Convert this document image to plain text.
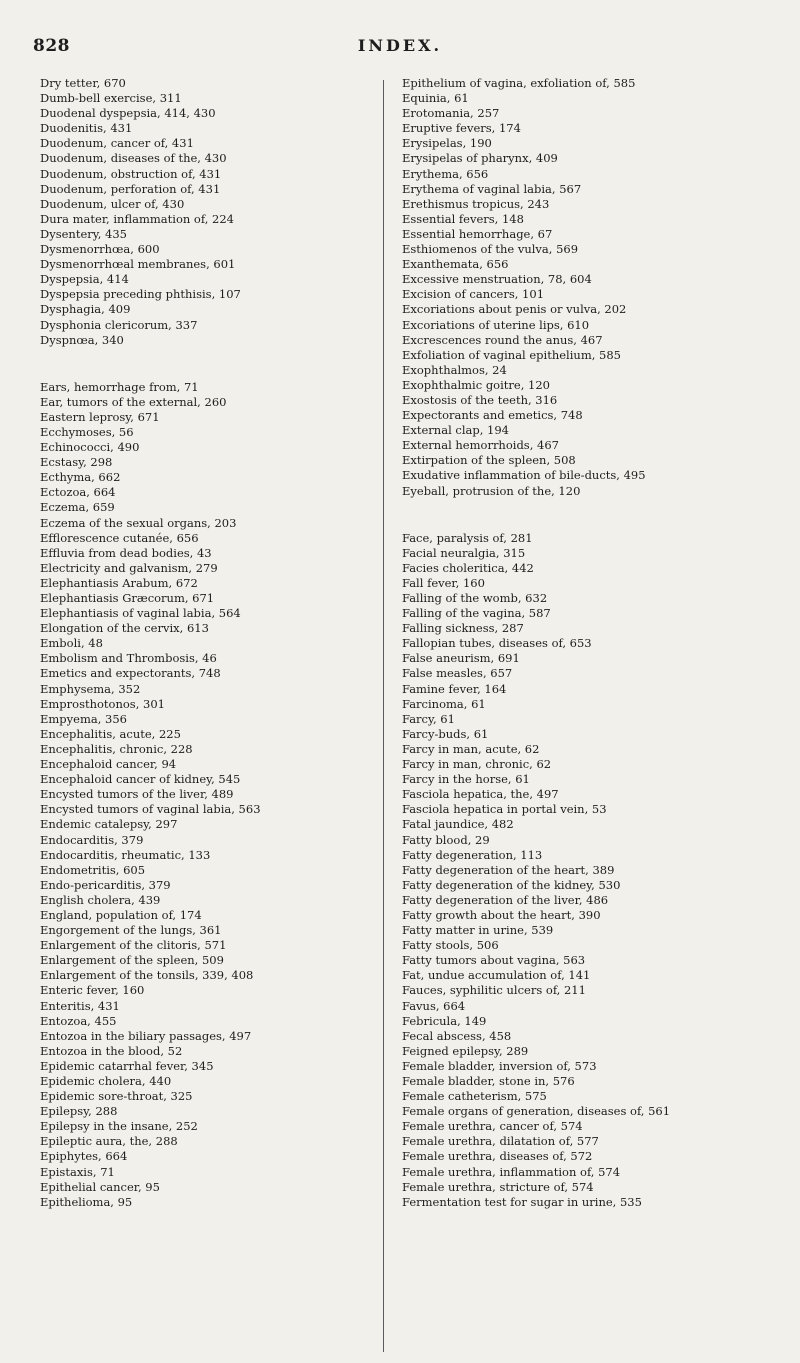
828	INDEX.
Dry tetter, 670
Dumb-bell exercise, 311
Duodenal dyspepsia, 414, 430
Duodenitis, 431
Duodenum, cancer of, 431
Duodenum, diseases of the, 430
Duodenum, obstruction of, 431
Duodenum, perforation of, 431
Duodenum, ulcer of, 430
Dura mater, inflammation of, 224
Dysentery, 435
Dysmenorrhœa, 600
Dysmenorrhœal membranes, 601
Dyspepsia, 414
Dyspepsia preceding phthisis, 107
Dysphagia, 409
Dysphonia clericorum, 337
Dyspnœa, 340
Ears, hemorrhage from, 71
Ear, tumors of the external, 260
Eastern leprosy, 671
Ecchymoses, 56
Echinococci, 490
Ecstasy, 298
Ecthyma, 662
Ectozoa, 664
Eczema, 659
Eczema of the sexual organs, 203
Efflorescence cutanée, 656
Effluvia from dead bodies, 43
Electricity and galvanism, 279
Elephantiasis Arabum, 672
Elephantiasis Græcorum, 671
Elephantiasis of vaginal labia, 564
Elongation of the cervix, 613
Emboli, 48
Embolism and Thrombosis, 46
Emetics and expectorants, 748
Emphysema, 352
Emprosthotonos, 301
Empyema, 356
Encephalitis, acute, 225
Encephalitis, chronic, 228
Encephaloid cancer, 94
Encephaloid cancer of kidney, 545
Encysted tumors of the liver, 489
Encysted tumors of vaginal labia, 563
Endemic catalepsy, 297
Endocarditis, 379
Endocarditis, rheumatic, 133
Endometritis, 605
Endo-pericarditis, 379
English cholera, 439
England, population of, 174
Engorgement of the lungs, 361
Enlargement of the clitoris, 571
Enlargement of the spleen, 509
Enlargement of the tonsils, 339, 408
Enteric fever, 160
Enteritis, 431
Entozoa, 455
Entozoa in the biliary passages, 497
Entozoa in the blood, 52
Epidemic catarrhal fever, 345
Epidemic cholera, 440
Epidemic sore-throat, 325
Epilepsy, 288
Epilepsy in the insane, 252
Epileptic aura, the, 288
Epiphytes, 664
Epistaxis, 71
Epithelial cancer, 95
Epithelioma, 95
Epithelium of vagina, exfoliation of, 585
Equinia, 61
Erotomania, 257
Eruptive fevers, 174
Erysipelas, 190
Erysipelas of pharynx, 409
Erythema, 656
Erythema of vaginal labia, 567
Erethismus tropicus, 243
Essential fevers, 148
Essential hemorrhage, 67
Esthiomenos of the vulva, 569
Exanthemata, 656
Excessive menstruation, 78, 604
Excision of cancers, 101
Excoriations about penis or vulva, 202
Excoriations of uterine lips, 610
Excrescences round the anus, 467
Exfoliation of vaginal epithelium, 585
Exophthalmos, 24
Exophthalmic goitre, 120
Exostosis of the teeth, 316
Expectorants and emetics, 748
External clap, 194
External hemorrhoids, 467
Extirpation of the spleen, 508
Exudative inflammation of bile-ducts, 495
Eyeball, protrusion of the, 120
Face, paralysis of, 281
Facial neuralgia, 315
Facies choleritica, 442
Fall fever, 160
Falling of the womb, 632
Falling of the vagina, 587
Falling sickness, 287
Fallopian tubes, diseases of, 653
False aneurism, 691
False measles, 657
Famine fever, 164
Farcinoma, 61
Farcy, 61
Farcy-buds, 61
Farcy in man, acute, 62
Farcy in man, chronic, 62
Farcy in the horse, 61
Fasciola hepatica, the, 497
Fasciola hepatica in portal vein, 53
Fatal jaundice, 482
Fatty blood, 29
Fatty degeneration, 113
Fatty degeneration of the heart, 389
Fatty degeneration of the kidney, 530
Fatty degeneration of the liver, 486
Fatty growth about the heart, 390
Fatty matter in urine, 539
Fatty stools, 506
Fatty tumors about vagina, 563
Fat, undue accumulation of, 141
Fauces, syphilitic ulcers of, 211
Favus, 664
Febricula, 149
Fecal abscess, 458
Feigned epilepsy, 289
Female bladder, inversion of, 573
Female bladder, stone in, 576
Female catheterism, 575
Female organs of generation, diseases of, 561
Female urethra, cancer of, 574
Female urethra, dilatation of, 577
Female urethra, diseases of, 572
Female urethra, inflammation of, 574
Female urethra, stricture of, 574
Fermentation test for sugar in urine, 535
